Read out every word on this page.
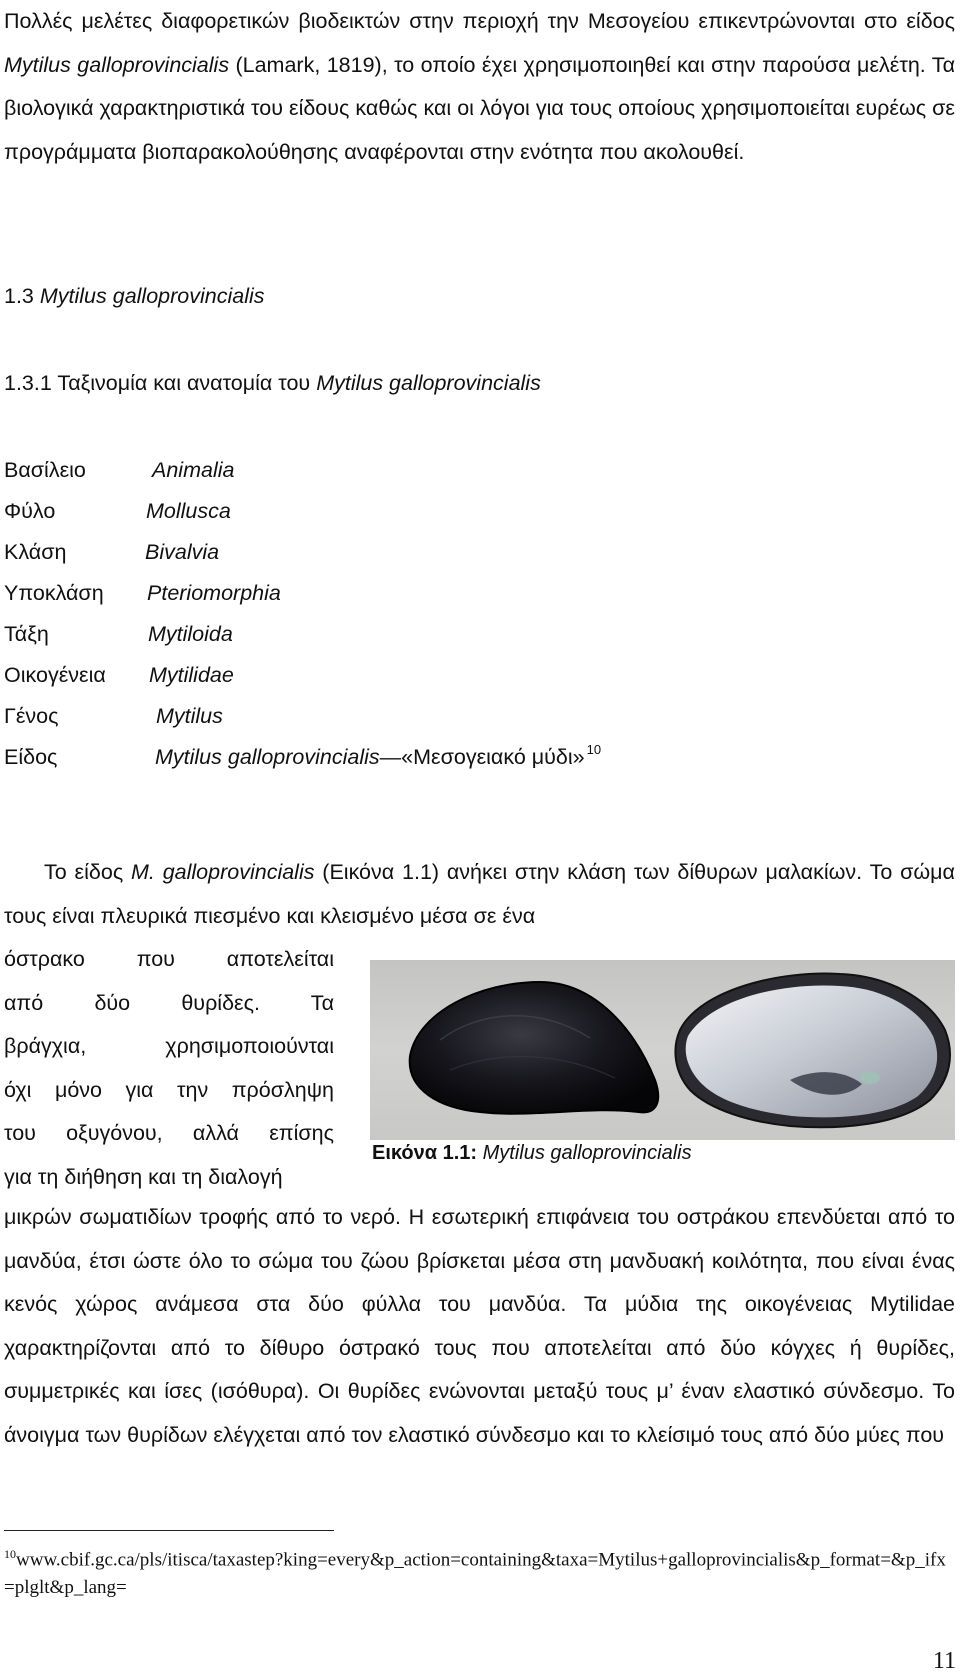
Πολλές μελέτες διαφορετικών βιοδεικτών στην περιοχή την Μεσογείου επικεντρώνονται στο είδος Mytilus galloprovincialis (Lamark, 1819), το οποίο έχει χρησιμοποιηθεί και στην παρούσα μελέτη. Τα βιολογικά χαρακτηριστικά του είδους καθώς και οι λόγοι για τους οποίους χρησιμοποιείται ευρέως σε προγράμματα βιοπαρακολούθησης αναφέρονται στην ενότητα που ακολουθεί.

1.3 Mytilus galloprovincialis
1.3.1 Ταξινομία και ανατομία του Mytilus galloprovincialis
Βασίλειο	Animalia
Φύλο	Mollusca
Κλάση	Bivalvia
Υποκλάση Pteriomorphia
Τάξη	Mytiloida
Οικογένεια Mytilidae
Γένος	Mytilus
Είδος	Mytilus galloprovincialis—«Μεσογειακό μύδι» $^{10}$

Το είδος M. galloprovincialis (Εικόνα 1.1) ανήκει στην κλάση των δίθυρων μαλακίων. Το σώμα τους είναι πλευρικά πιεσμένο και κλεισμένο μέσα σε ένα

όστρακο που αποτελείται

από δύο θυρίδες. Τα

βράγχια, χρησιμοποιούνται

όχι μόνο για την πρόσληψη

του οξυγόνου, αλλά επίσης

για τη διήθηση και τη διαλογή

Εικόνα 1.1: Mytilus galloprovincialis

μικρών σωματιδίων τροφής από το νερό. Η εσωτερική επιφάνεια του οστράκου επενδύεται από το μανδύα, έτσι ώστε όλο το σώμα του ζώου βρίσκεται μέσα στη μανδυακή κοιλότητα, που είναι ένας κενός χώρος ανάμεσα στα δύο φύλλα του μανδύα. Τα μύδια της οικογένειας Mytilidae χαρακτηρίζονται από το δίθυρο όστρακό τους που αποτελείται από δύο κόγχες ή θυρίδες, συμμετρικές και ίσες (ισόθυρα). Οι θυρίδες ενώνονται μεταξύ τους μ’ έναν ελαστικό σύνδεσμο. Το άνοιγμα των θυρίδων ελέγχεται από τον ελαστικό σύνδεσμο και το κλείσιμό τους από δύο μύες που

$^{10}$www.cbif.gc.ca/pls/itisca/taxastep?king=every&p_action=containing&taxa=Mytilus+galloprovincialis&p_format=&p_ifx=plglt&p_lang=

11
